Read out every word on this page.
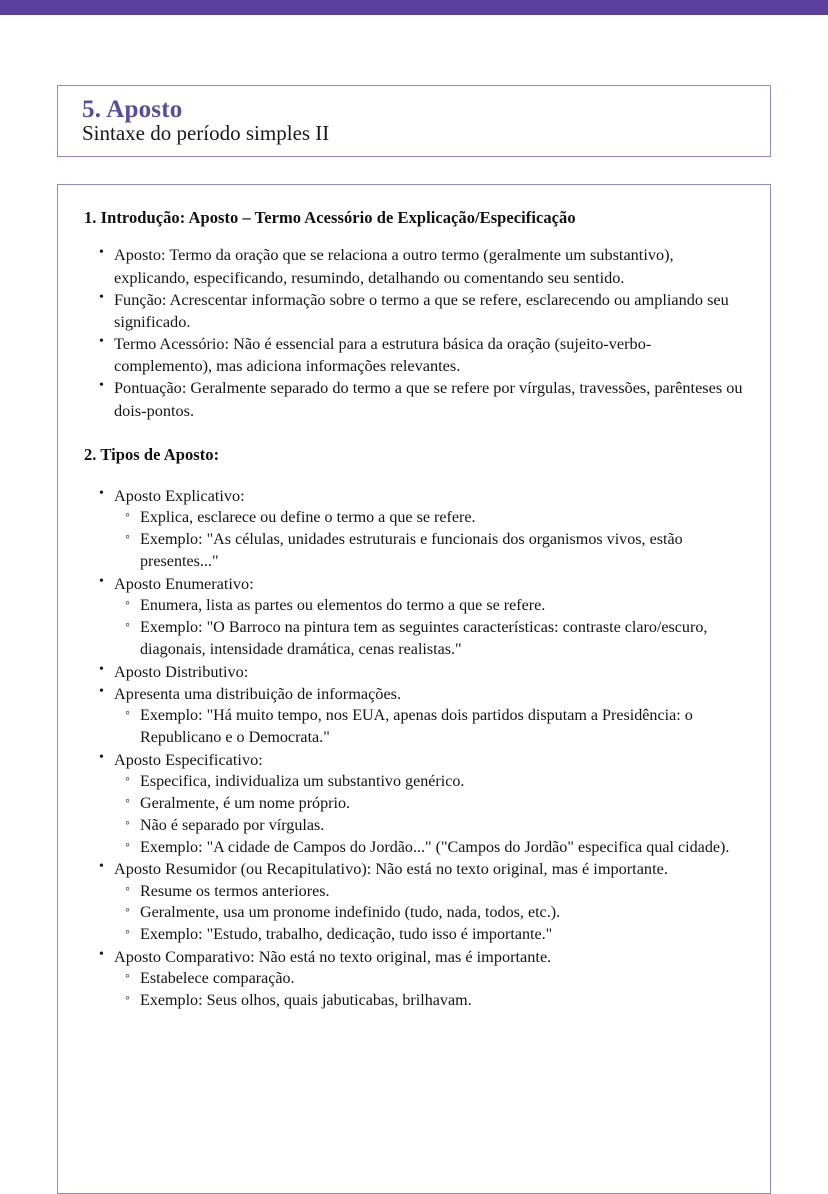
5. Aposto
Sintaxe do período simples II
1. Introdução: Aposto – Termo Acessório de Explicação/Especificação
• Aposto: Termo da oração que se relaciona a outro termo (geralmente um substantivo), explicando, especificando, resumindo, detalhando ou comentando seu sentido.
• Função: Acrescentar informação sobre o termo a que se refere, esclarecendo ou ampliando seu significado.
• Termo Acessório: Não é essencial para a estrutura básica da oração (sujeito-verbo-complemento), mas adiciona informações relevantes.
• Pontuação: Geralmente separado do termo a que se refere por vírgulas, travessões, parênteses ou dois-pontos.
2. Tipos de Aposto:
• Aposto Explicativo:
◦ Explica, esclarece ou define o termo a que se refere.
◦ Exemplo: "As células, unidades estruturais e funcionais dos organismos vivos, estão presentes..."
• Aposto Enumerativo:
◦ Enumera, lista as partes ou elementos do termo a que se refere.
◦ Exemplo: "O Barroco na pintura tem as seguintes características: contraste claro/escuro, diagonais, intensidade dramática, cenas realistas."
• Aposto Distributivo:
• Apresenta uma distribuição de informações.
◦ Exemplo: "Há muito tempo, nos EUA, apenas dois partidos disputam a Presidência: o Republicano e o Democrata."
• Aposto Especificativo:
◦ Especifica, individualiza um substantivo genérico.
◦ Geralmente, é um nome próprio.
◦ Não é separado por vírgulas.
◦ Exemplo: "A cidade de Campos do Jordão..." ("Campos do Jordão" especifica qual cidade).
• Aposto Resumidor (ou Recapitulativo): Não está no texto original, mas é importante.
◦ Resume os termos anteriores.
◦ Geralmente, usa um pronome indefinido (tudo, nada, todos, etc.).
◦ Exemplo: "Estudo, trabalho, dedicação, tudo isso é importante."
• Aposto Comparativo: Não está no texto original, mas é importante.
◦ Estabelece comparação.
◦ Exemplo: Seus olhos, quais jabuticabas, brilhavam.
